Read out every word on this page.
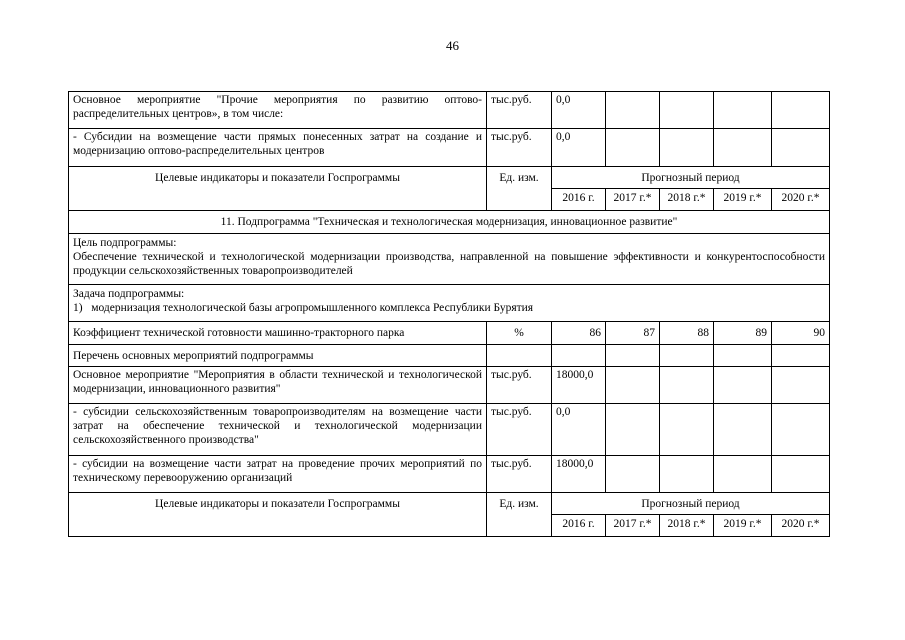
46
Основное мероприятие "Прочие мероприятия по развитию оптово-распределительных центров», в том числе:	тыс.руб.	0,0				
- Субсидии на возмещение части прямых понесенных затрат на создание и модернизацию оптово-распределительных центров	тыс.руб.	0,0				
Целевые индикаторы и показатели Госпрограммы	Ед. изм.	Прогнозный период				
		2016 г.	2017 г.*	2018 г.*	2019 г.*	2020 г.*
11. Подпрограмма "Техническая и технологическая модернизация, инновационное развитие"						

Цель подпрограммы:
Обеспечение технической и технологической модернизации производства, направленной на повышение эффективности и конкурентоспособности продукции сельскохозяйственных товаропроизводителей						

Задача подпрограммы:
1)   модернизация технологической базы агропромышленного комплекса Республики Бурятия						

Коэффициент технической готовности машинно-тракторного парка	%	86	87	88	89	90
Перечень основных мероприятий подпрограммы						
Основное мероприятие "Мероприятия в области технической и технологической модернизации, инновационного развития"	тыс.руб.	18000,0				
- субсидии сельскохозяйственным товаропроизводителям на возмещение части затрат на обеспечение технической и технологической модернизации сельскохозяйственного производства"	тыс.руб.	0,0				
- субсидии на возмещение части затрат на проведение прочих мероприятий по техническому перевооружению организаций	тыс.руб.	18000,0				
Целевые индикаторы и показатели Госпрограммы	Ед. изм.	Прогнозный период				
		2016 г.	2017 г.*	2018 г.*	2019 г.*	2020 г.*
